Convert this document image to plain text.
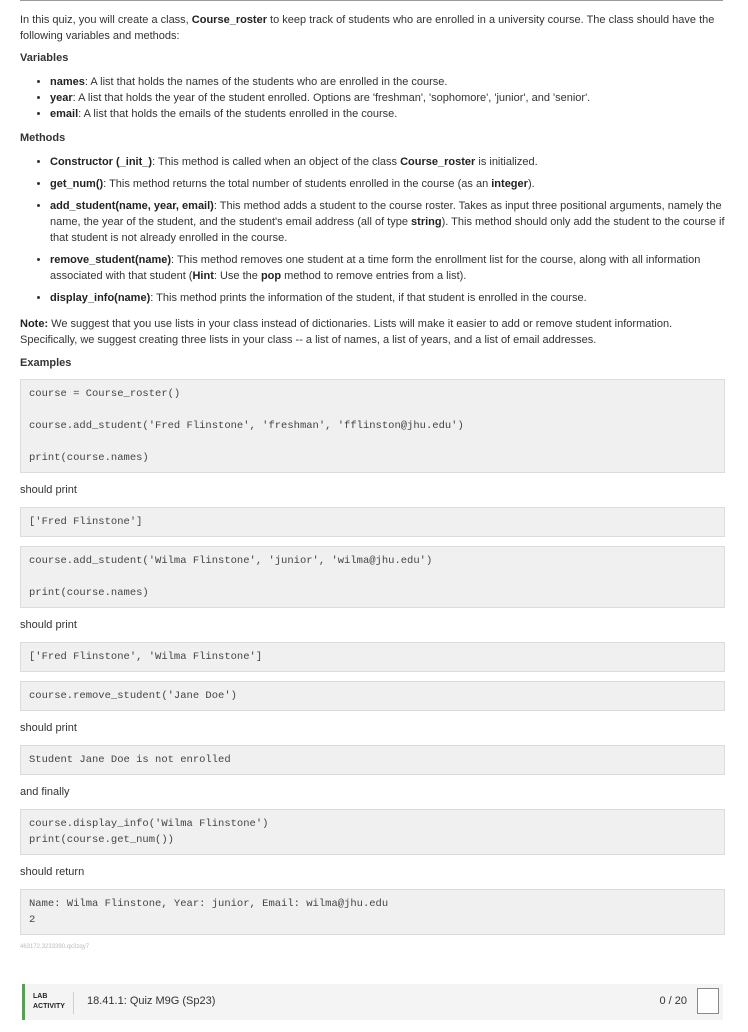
In this quiz, you will create a class, Course_roster to keep track of students who are enrolled in a university course. The class should have the following variables and methods:

Variables
• names: A list that holds the names of the students who are enrolled in the course.
• year: A list that holds the year of the student enrolled. Options are 'freshman', 'sophomore', 'junior', and 'senior'.
• email: A list that holds the emails of the students enrolled in the course.
Methods
• Constructor (_init_): This method is called when an object of the class Course_roster is initialized.
• get_num(): This method returns the total number of students enrolled in the course (as an integer).
• add_student(name, year, email): This method adds a student to the course roster. Takes as input three positional arguments, namely the name, the year of the student, and the student's email address (all of type string). This method should only add the student to the course if that student is not already enrolled in the course.
• remove_student(name): This method removes one student at a time form the enrollment list for the course, along with all information associated with that student (Hint: Use the pop method to remove entries from a list).
• display_info(name): This method prints the information of the student, if that student is enrolled in the course.

Note: We suggest that you use lists in your class instead of dictionaries. Lists will make it easier to add or remove student information. Specifically, we suggest creating three lists in your class -- a list of names, a list of years, and a list of email addresses.

Examples
course = Course_roster()
course.add_student('Fred Flinstone', 'freshman', 'fflinston@jhu.edu')
print(course.names)

should print

['Fred Flinstone']
course.add_student('Wilma Flinstone', 'junior', 'wilma@jhu.edu')
print(course.names)

should print

['Fred Flinstone', 'Wilma Flinstone']
course.remove_student('Jane Doe')

should print

Student Jane Doe is not enrolled

and finally

course.display_info('Wilma Flinstone')
print(course.get_num())

should return

Name: Wilma Flinstone, Year: junior, Email: wilma@jhu.edu
2
463172.3233390.qx3zqy7
LAB
ACTIVITY 18.41.1: Quiz M9G (Sp23)	0 / 20
